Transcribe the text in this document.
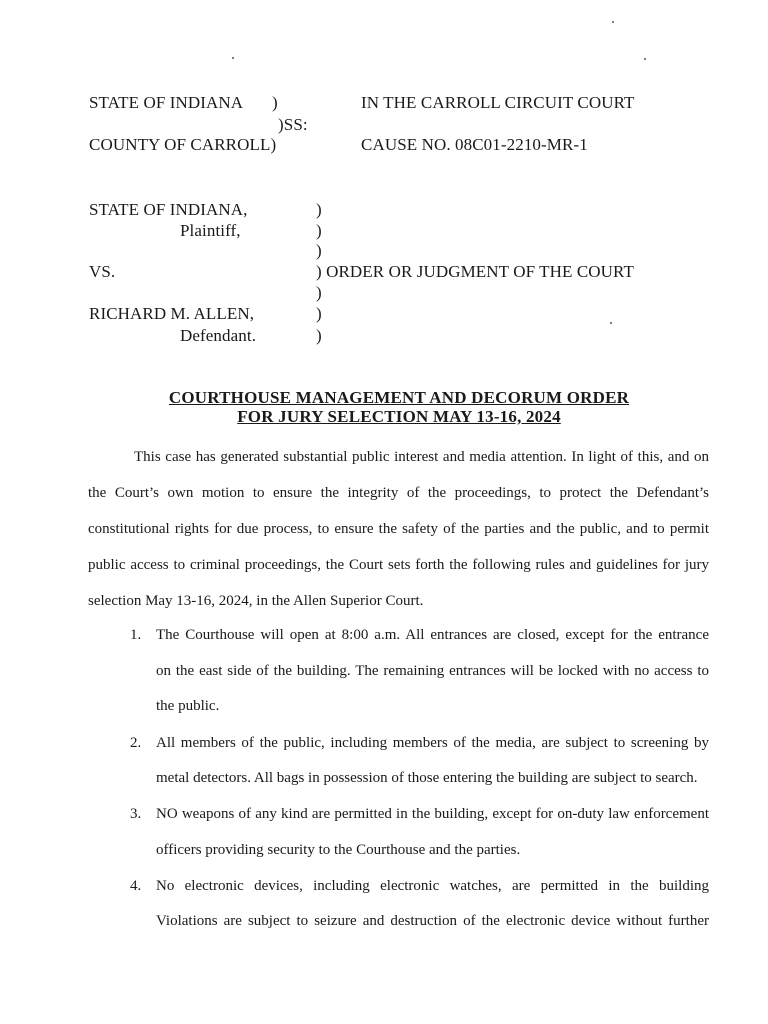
STATE OF INDIANA )
)SS:
COUNTY OF CARROLL)
IN THE CARROLL CIRCUIT COURT
CAUSE NO. 08C01-2210-MR-1
STATE OF INDIANA,
Plaintiff,
VS.
RICHARD M. ALLEN,
Defendant.
)
)
)
) ORDER OR JUDGMENT OF THE COURT
)
)
)
COURTHOUSE MANAGEMENT AND DECORUM ORDER
FOR JURY SELECTION MAY 13-16, 2024
This case has generated substantial public interest and media attention. In light of this, and on
the Court’s own motion to ensure the integrity of the proceedings, to protect the Defendant’s
constitutional rights for due process, to ensure the safety of the parties and the public, and to permit
public access to criminal proceedings, the Court sets forth the following rules and guidelines for jury
selection May 13-16, 2024, in the Allen Superior Court.
1. The Courthouse will open at 8:00 a.m. All entrances are closed, except for the entrance
on the east side of the building. The remaining entrances will be locked with no access to
the public.
2. All members of the public, including members of the media, are subject to screening by
metal detectors. All bags in possession of those entering the building are subject to search.
3. NO weapons of any kind are permitted in the building, except for on-duty law enforcement
officers providing security to the Courthouse and the parties.
4. No electronic devices, including electronic watches, are permitted in the building
Violations are subject to seizure and destruction of the electronic device without further
